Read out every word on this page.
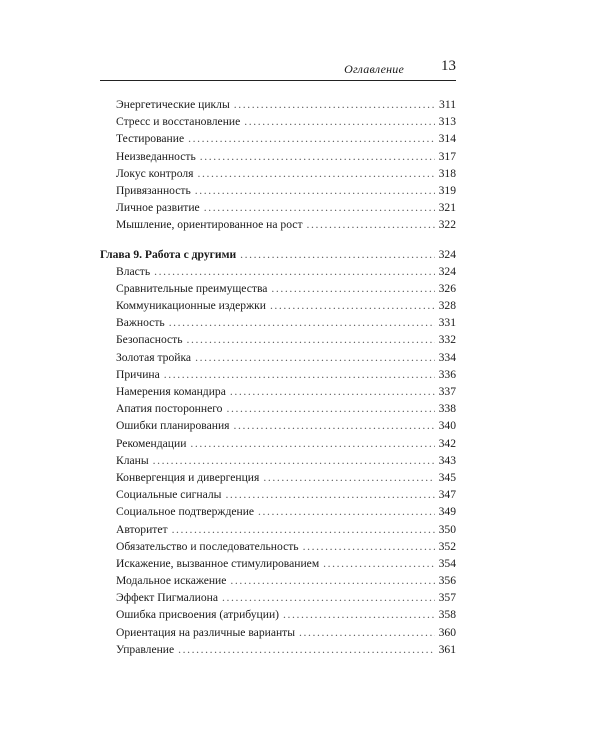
Оглавление 13
Энергетические циклы .....	311
Стресс и восстановление .....	313
Тестирование .....	314
Неизведанность .....	317
Локус контроля .....	318
Привязанность .....	319
Личное развитие .....	321
Мышление, ориентированное на рост .....	322
Глава 9. Работа с другими .....	324
Власть .....	324
Сравнительные преимущества .....	326
Коммуникационные издержки .....	328
Важность .....	331
Безопасность .....	332
Золотая тройка .....	334
Причина .....	336
Намерения командира .....	337
Апатия постороннего .....	338
Ошибки планирования .....	340
Рекомендации .....	342
Кланы .....	343
Конвергенция и дивергенция .....	345
Социальные сигналы .....	347
Социальное подтверждение .....	349
Авторитет .....	350
Обязательство и последовательность .....	352
Искажение, вызванное стимулированием .....	354
Модальное искажение .....	356
Эффект Пигмалиона .....	357
Ошибка присвоения (атрибуции) .....	358
Ориентация на различные варианты .....	360
Управление .....	361
